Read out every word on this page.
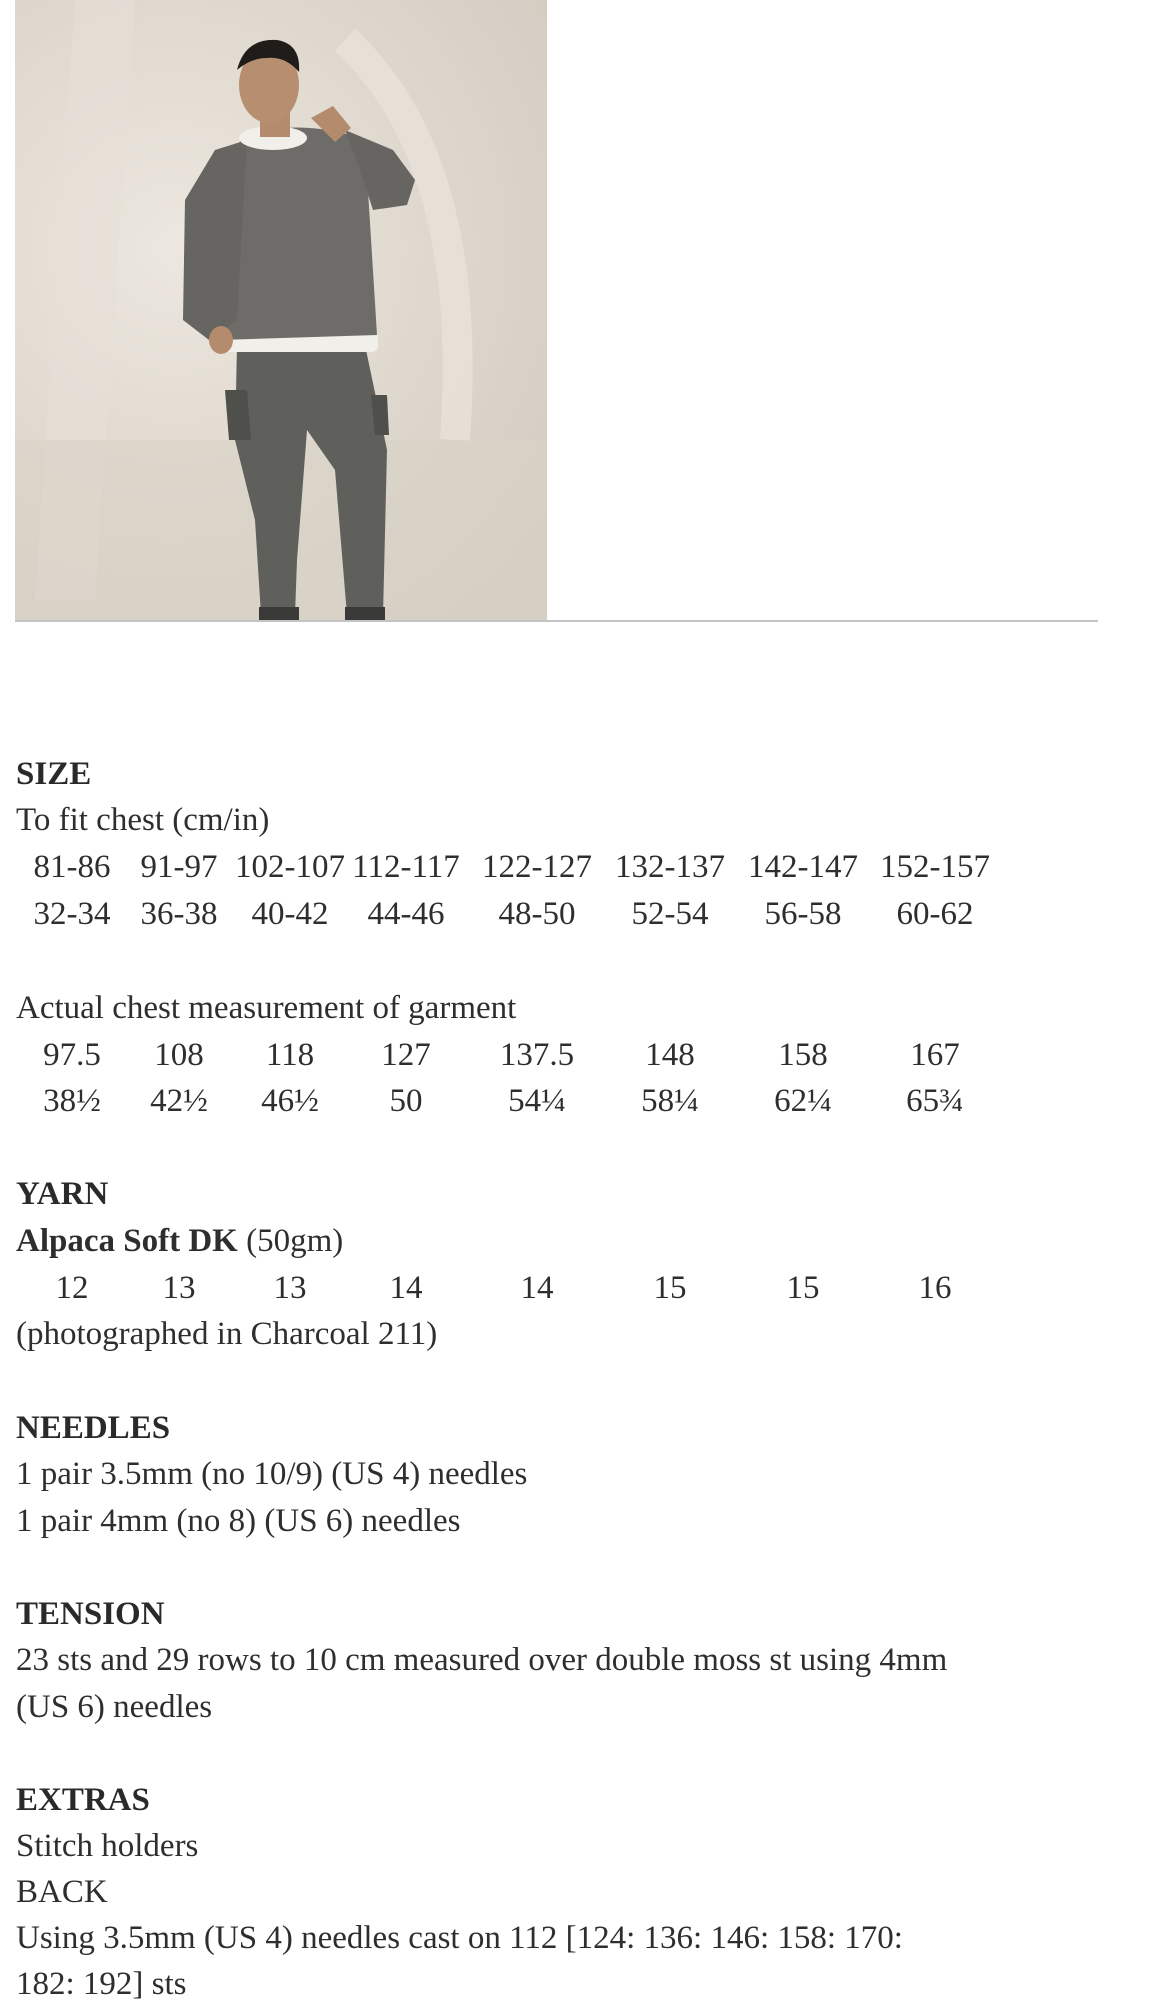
SIZE
To fit chest (cm/in)
81-86 91-97 102-107 112-117 122-127 132-137 142-147 152-157
32-34 36-38	40-42	44-46	48-50	52-54	56-58	60-62
Actual chest measurement of garment
97.5	108	118	127	137.5	148	158	167
38½	42½	46½	50	54¼	58¼	62¼	65¾
YARN
Alpaca Soft DK (50gm)
12	13	13	14	14	15	15	16
(photographed in Charcoal 211)
NEEDLES
1 pair 3.5mm (no 10/9) (US 4) needles
1 pair 4mm (no 8) (US 6) needles
TENSION
23 sts and 29 rows to 10 cm measured over double moss st using 4mm
(US 6) needles
EXTRAS
Stitch holders
BACK
Using 3.5mm (US 4) needles cast on 112 [124: 136: 146: 158: 170:
182: 192] sts
